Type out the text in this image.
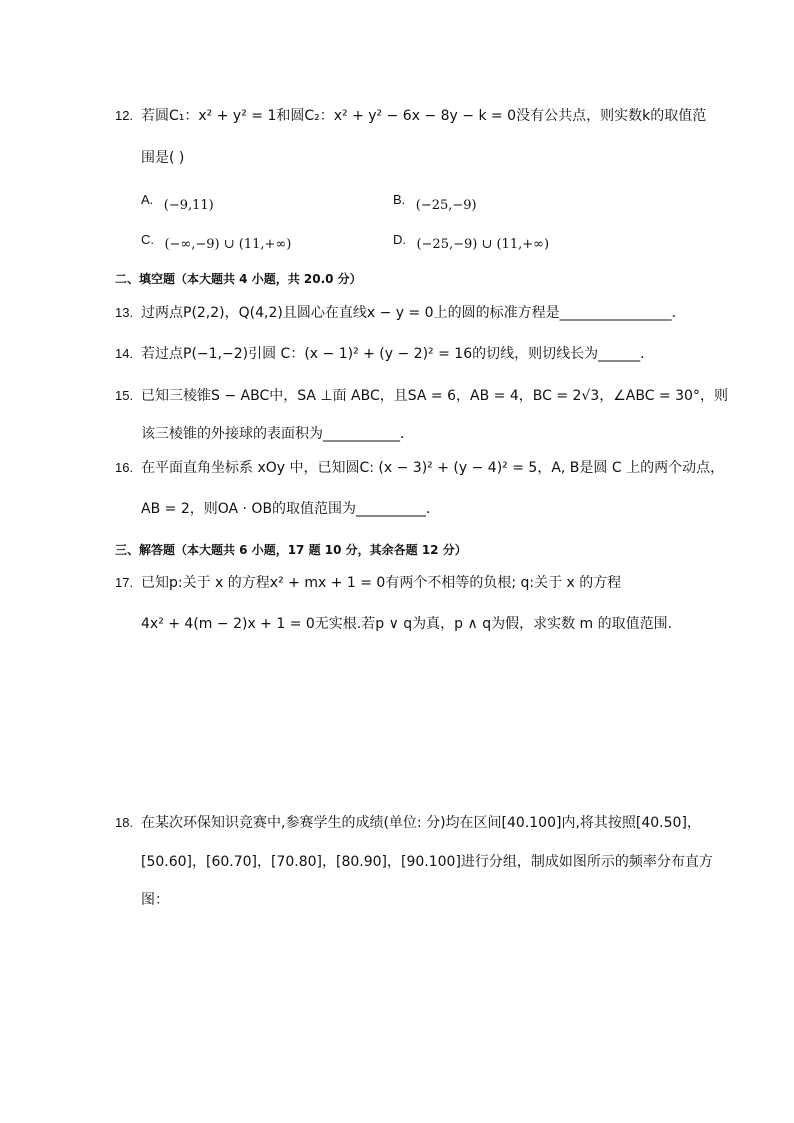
12. 若圆C₁：x² + y² = 1和圆C₂：x² + y² − 6x − 8y − k = 0没有公共点，则实数k的取值范
围是( )
A. (−9,11)	B. (−25,−9)
C. (−∞,−9) ∪ (11,+∞)	D. (−25,−9) ∪ (11,+∞)
二、填空题（本大题共 4 小题，共 20.0 分）
13. 过两点P(2,2)，Q(4,2)且圆心在直线x − y = 0上的圆的标准方程是________________．
14. 若过点P(−1,−2)引圆 C：(x − 1)² + (y − 2)² = 16的切线，则切线长为______．
15. 已知三棱锥S − ABC中，SA ⊥面 ABC，且SA = 6，AB = 4，BC = 2√3，∠ABC = 30°，则
该三棱锥的外接球的表面积为___________．
16. 在平面直角坐标系 xOy 中，已知圆C: (x − 3)² + (y − 4)² = 5，A, B是圆 C 上的两个动点，
AB = 2，则OA · OB的取值范围为__________．
三、解答题（本大题共 6 小题，17 题 10 分，其余各题 12 分）
17. 已知p:关于 x 的方程x² + mx + 1 = 0有两个不相等的负根; q:关于 x 的方程
4x² + 4(m − 2)x + 1 = 0无实根.若p ∨ q为真，p ∧ q为假，求实数 m 的取值范围.
18. 在某次环保知识竞赛中,参赛学生的成绩(单位: 分)均在区间[40.100]内,将其按照[40.50]，
[50.60]，[60.70]，[70.80]，[80.90]，[90.100]进行分组，制成如图所示的频率分布直方
图：
